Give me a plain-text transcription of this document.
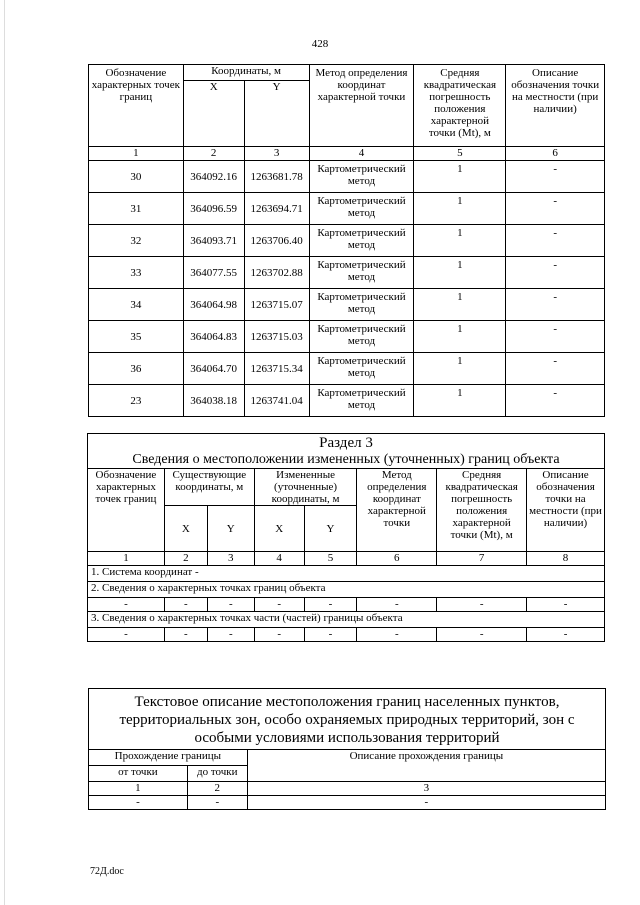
428
Обозначение характерных точек границ	Координаты, м		Метод определения координат характерной точки	Средняя квадратическая погрешность положения характерной точки (Mt), м	Описание обозначения точки на местности (при наличии)
	X	Y			
1	2	3	4	5	6
30	364092.16	1263681.78	Картометрический метод	1	-
31	364096.59	1263694.71	Картометрический метод	1	-
32	364093.71	1263706.40	Картометрический метод	1	-
33	364077.55	1263702.88	Картометрический метод	1	-
34	364064.98	1263715.07	Картометрический метод	1	-
35	364064.83	1263715.03	Картометрический метод	1	-
36	364064.70	1263715.34	Картометрический метод	1	-
23	364038.18	1263741.04	Картометрический метод	1	-
Раздел 3							
Сведения о местоположении измененных (уточненных) границ объекта							
Обозначение характерных точек границ	Существующие координаты, м		Измененные (уточненные) координаты, м		Метод определения координат характерной точки	Средняя квадратическая погрешность положения характерной точки (Mt), м	Описание обозначения точки на местности (при наличии)
	X	Y	X	Y			
1	2	3	4	5	6	7	8
1. Система координат -							
2. Сведения о характерных точках границ объекта							
-	-	-	-	-	-	-	-
3. Сведения о характерных точках части (частей) границы объекта							
-	-	-	-	-	-	-	-
Текстовое описание местоположения границ населенных пунктов, территориальных зон, особо охраняемых природных территорий, зон с особыми условиями использования территорий		
Прохождение границы		Описание прохождения границы
от точки	до точки	
1	2	3
-	-	-
72Д.doc
